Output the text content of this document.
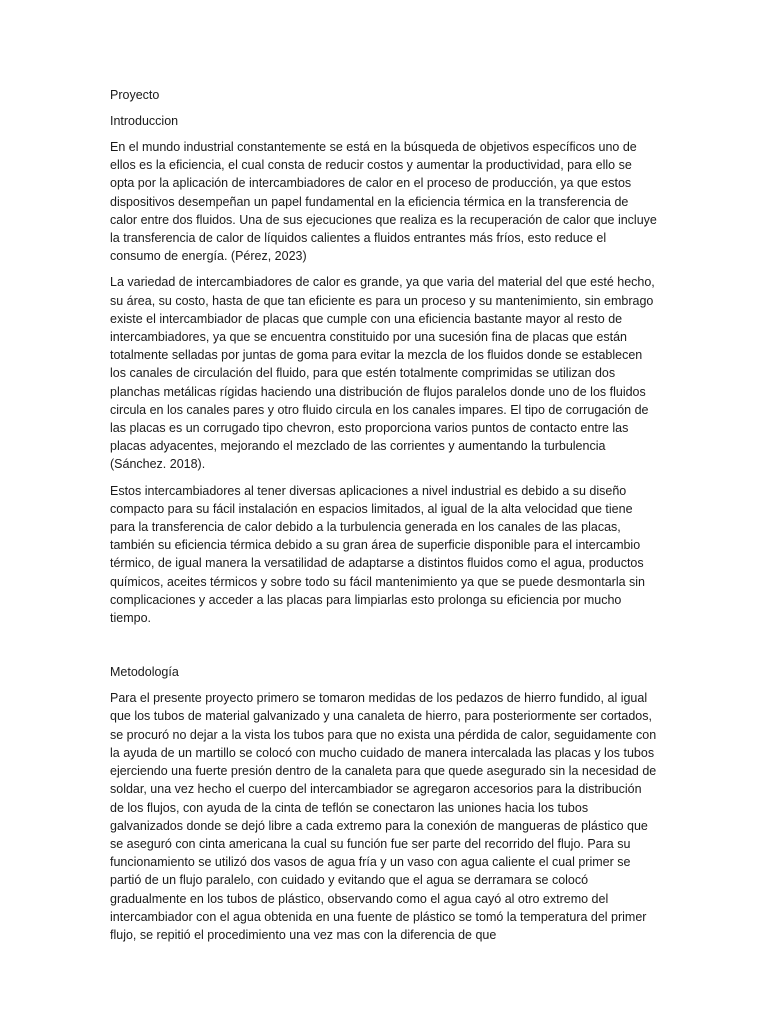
Proyecto

Introduccion

En el mundo industrial constantemente se está en la búsqueda de objetivos específicos uno de ellos es la eficiencia, el cual consta de reducir costos y aumentar la productividad, para ello se opta por la aplicación de intercambiadores de calor en el proceso de producción, ya que estos dispositivos desempeñan un papel fundamental en la eficiencia térmica en la transferencia de calor entre dos fluidos. Una de sus ejecuciones que realiza es la recuperación de calor que incluye la transferencia de calor de líquidos calientes a fluidos entrantes más fríos, esto reduce el consumo de energía. (Pérez, 2023)

La variedad de intercambiadores de calor es grande, ya que varia del material del que esté hecho, su área, su costo, hasta de que tan eficiente es para un proceso y su mantenimiento, sin embrago existe el intercambiador de placas que cumple con una eficiencia bastante mayor al resto de intercambiadores, ya que se encuentra constituido por una sucesión fina de placas que están totalmente selladas por juntas de goma para evitar la mezcla de los fluidos donde se establecen los canales de circulación del fluido, para que estén totalmente comprimidas se utilizan dos planchas metálicas rígidas haciendo una distribución de flujos paralelos donde uno de los fluidos circula en los canales pares y otro fluido circula en los canales impares. El tipo de corrugación de las placas es un corrugado tipo chevron, esto proporciona varios puntos de contacto entre las placas adyacentes, mejorando el mezclado de las corrientes y aumentando la turbulencia (Sánchez. 2018).

Estos intercambiadores al tener diversas aplicaciones a nivel industrial es debido a su diseño compacto para su fácil instalación en espacios limitados, al igual de la alta velocidad que tiene para la transferencia de calor debido a la turbulencia generada en los canales de las placas, también su eficiencia térmica debido a su gran área de superficie disponible para el intercambio térmico, de igual manera la versatilidad de adaptarse a distintos fluidos como el agua, productos químicos, aceites térmicos y sobre todo su fácil mantenimiento ya que se puede desmontarla sin complicaciones y acceder a las placas para limpiarlas esto prolonga su eficiencia por mucho tiempo.

Metodología

Para el presente proyecto primero se tomaron medidas de los pedazos de hierro fundido, al igual que los tubos de material galvanizado y una canaleta de hierro, para posteriormente ser cortados, se procuró no dejar a la vista los tubos para que no exista una pérdida de calor, seguidamente con la ayuda de un martillo se colocó con mucho cuidado de manera intercalada las placas y los tubos ejerciendo una fuerte presión dentro de la canaleta para que quede asegurado sin la necesidad de soldar, una vez hecho el cuerpo del intercambiador se agregaron accesorios para la distribución de los flujos, con ayuda de la cinta de teflón se conectaron las uniones hacia los tubos galvanizados donde se dejó libre a cada extremo para la conexión de mangueras de plástico que se aseguró con cinta americana la cual su función fue ser parte del recorrido del flujo. Para su funcionamiento se utilizó dos vasos de agua fría y un vaso con agua caliente el cual primer se partió de un flujo paralelo, con cuidado y evitando que el agua se derramara se colocó gradualmente en los tubos de plástico, observando como el agua cayó al otro extremo del intercambiador con el agua obtenida en una fuente de plástico se tomó la temperatura del primer flujo, se repitió el procedimiento una vez mas con la diferencia de que
